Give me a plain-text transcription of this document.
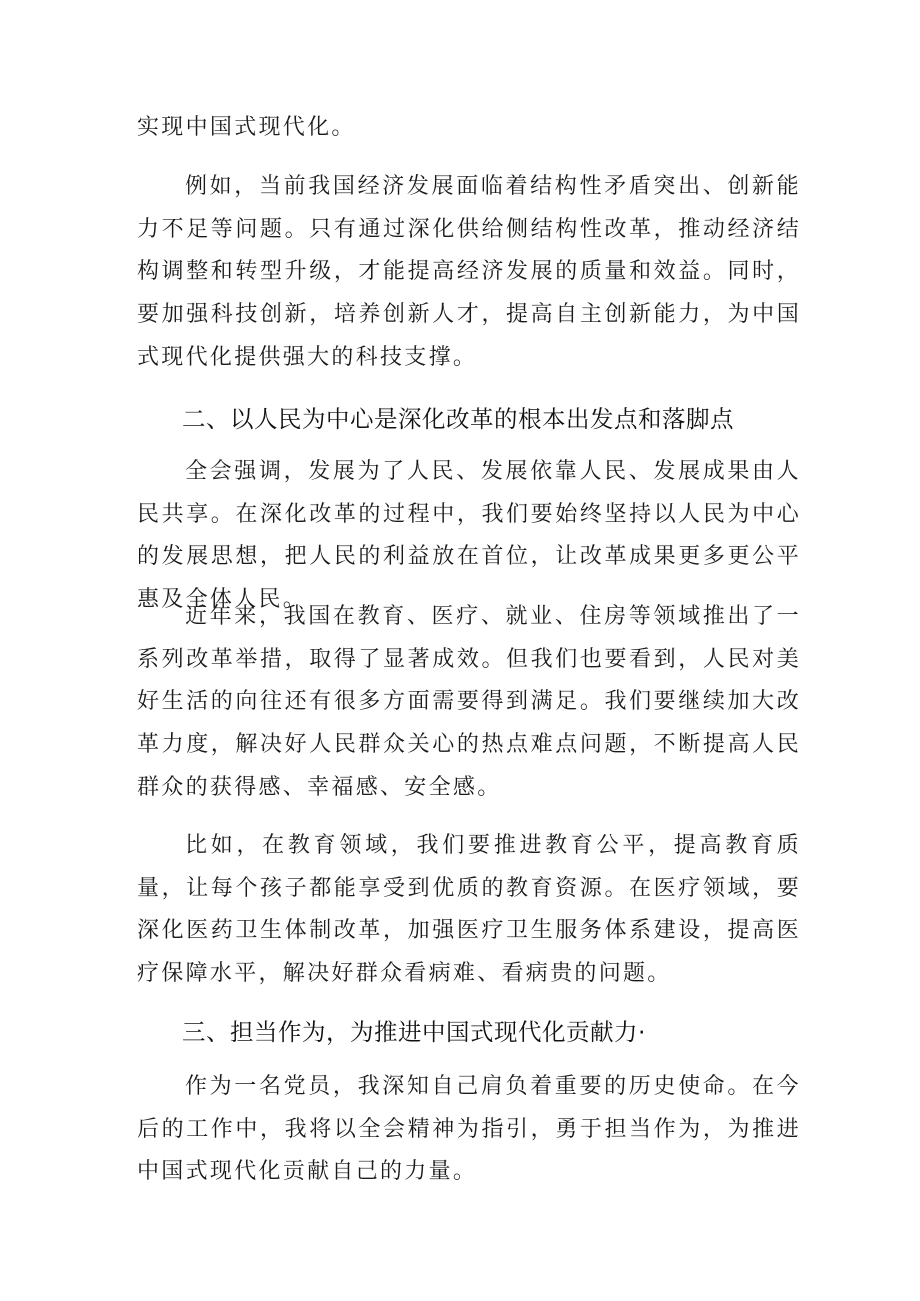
实现中国式现代化。

例如，当前我国经济发展面临着结构性矛盾突出、创新能力不足等问题。只有通过深化供给侧结构性改革，推动经济结构调整和转型升级，才能提高经济发展的质量和效益。同时，要加强科技创新，培养创新人才，提高自主创新能力，为中国式现代化提供强大的科技支撑。

二、以人民为中心是深化改革的根本出发点和落脚点

全会强调，发展为了人民、发展依靠人民、发展成果由人民共享。在深化改革的过程中，我们要始终坚持以人民为中心的发展思想，把人民的利益放在首位，让改革成果更多更公平惠及全体人民。

近年来，我国在教育、医疗、就业、住房等领域推出了一系列改革举措，取得了显著成效。但我们也要看到，人民对美好生活的向往还有很多方面需要得到满足。我们要继续加大改革力度，解决好人民群众关心的热点难点问题，不断提高人民群众的获得感、幸福感、安全感。

比如，在教育领域，我们要推进教育公平，提高教育质量，让每个孩子都能享受到优质的教育资源。在医疗领域，要深化医药卫生体制改革，加强医疗卫生服务体系建设，提高医疗保障水平，解决好群众看病难、看病贵的问题。

三、担当作为，为推进中国式现代化贡献力·

作为一名党员，我深知自己肩负着重要的历史使命。在今后的工作中，我将以全会精神为指引，勇于担当作为，为推进中国式现代化贡献自己的力量。
